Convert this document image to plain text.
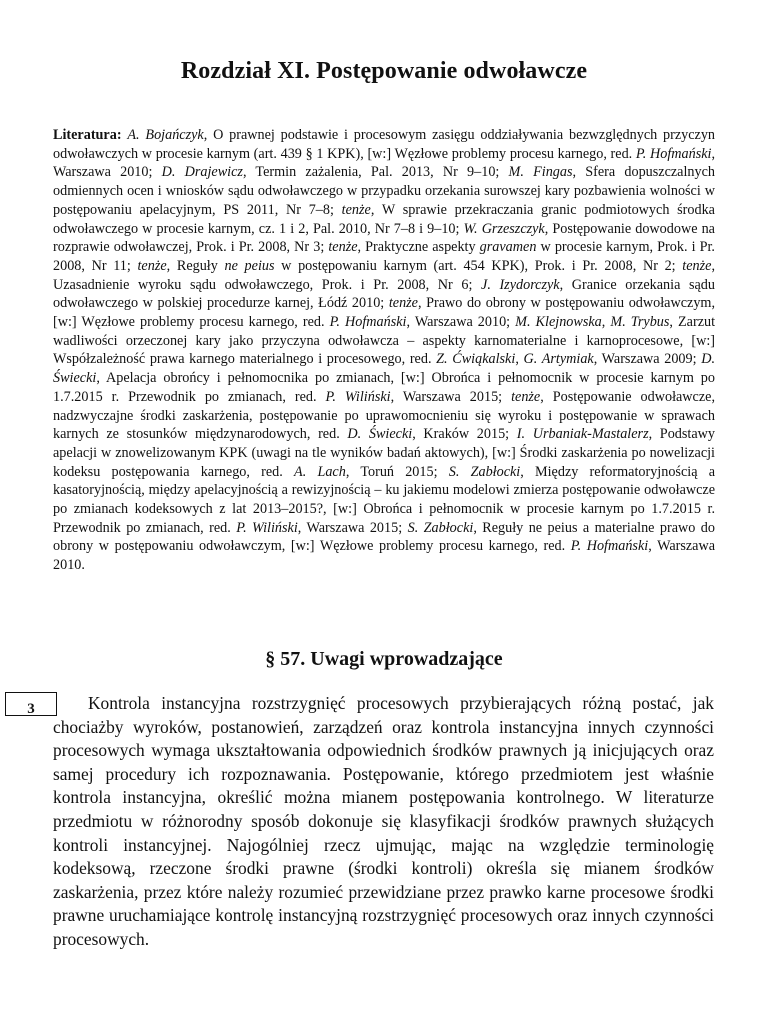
Rozdział XI. Postępowanie odwoławcze

Literatura: A. Bojańczyk, O prawnej podstawie i procesowym zasięgu oddziaływania bezwzględnych przyczyn odwoławczych w procesie karnym (art. 439 § 1 KPK), [w:] Węzłowe problemy procesu karnego, red. P. Hofmański, Warszawa 2010; D. Drajewicz, Termin zażalenia, Pal. 2013, Nr 9–10; M. Fingas, Sfera dopuszczalnych odmiennych ocen i wniosków sądu odwoławczego w przypadku orzekania surowszej kary pozbawienia wolności w postępowaniu apelacyjnym, PS 2011, Nr 7–8; tenże, W sprawie przekraczania granic podmiotowych środka odwoławczego w procesie karnym, cz. 1 i 2, Pal. 2010, Nr 7–8 i 9–10; W. Grzeszczyk, Postępowanie dowodowe na rozprawie odwoławczej, Prok. i Pr. 2008, Nr 3; tenże, Praktyczne aspekty gravamen w procesie karnym, Prok. i Pr. 2008, Nr 11; tenże, Reguły ne peius w postępowaniu karnym (art. 454 KPK), Prok. i Pr. 2008, Nr 2; tenże, Uzasadnienie wyroku sądu odwoławczego, Prok. i Pr. 2008, Nr 6; J. Izydorczyk, Granice orzekania sądu odwoławczego w polskiej procedurze karnej, Łódź 2010; tenże, Prawo do obrony w postępowaniu odwoławczym, [w:] Węzłowe problemy procesu karnego, red. P. Hofmański, Warszawa 2010; M. Klejnowska, M. Trybus, Zarzut wadliwości orzeczonej kary jako przyczyna odwoławcza – aspekty karnomaterialne i karnoprocesowe, [w:] Współzależność prawa karnego materialnego i procesowego, red. Z. Ćwiąkalski, G. Artymiak, Warszawa 2009; D. Świecki, Apelacja obrońcy i pełnomocnika po zmianach, [w:] Obrońca i pełnomocnik w procesie karnym po 1.7.2015 r. Przewodnik po zmianach, red. P. Wiliński, Warszawa 2015; tenże, Postępowanie odwoławcze, nadzwyczajne środki zaskarżenia, postępowanie po uprawomocnieniu się wyroku i postępowanie w sprawach karnych ze stosunków międzynarodowych, red. D. Świecki, Kraków 2015; I. Urbaniak-Mastalerz, Podstawy apelacji w znowelizowanym KPK (uwagi na tle wyników badań aktowych), [w:] Środki zaskarżenia po nowelizacji kodeksu postępowania karnego, red. A. Lach, Toruń 2015; S. Zabłocki, Między reformatoryjnością a kasatoryjnością, między apelacyjnością a rewizyjnością – ku jakiemu modelowi zmierza postępowanie odwoławcze po zmianach kodeksowych z lat 2013–2015?, [w:] Obrońca i pełnomocnik w procesie karnym po 1.7.2015 r. Przewodnik po zmianach, red. P. Wiliński, Warszawa 2015; S. Zabłocki, Reguły ne peius a materialne prawo do obrony w postępowaniu odwoławczym, [w:] Węzłowe problemy procesu karnego, red. P. Hofmański, Warszawa 2010.

§ 57. Uwagi wprowadzające
3	Kontrola instancyjna rozstrzygnięć procesowych przybierających różną postać, jak chociażby wyroków, postanowień, zarządzeń oraz kontrola instancyjna innych czynności procesowych wymaga ukształtowania odpowiednich środków prawnych ją inicjujących oraz samej procedury ich rozpoznawania. Postępowanie, którego przedmiotem jest właśnie kontrola instancyjna, określić można mianem postępowania kontrolnego. W literaturze przedmiotu w różnorodny sposób dokonuje się klasyfikacji środków prawnych służących kontroli instancyjnej. Najogólniej rzecz ujmując, mając na względzie terminologię kodeksową, rzeczone środki prawne (środki kontroli) określa się mianem środków zaskarżenia, przez które należy rozumieć przewidziane przez prawko karne procesowe środki prawne uruchamiające kontrolę instancyjną rozstrzygnięć procesowych oraz innych czynności procesowych.
